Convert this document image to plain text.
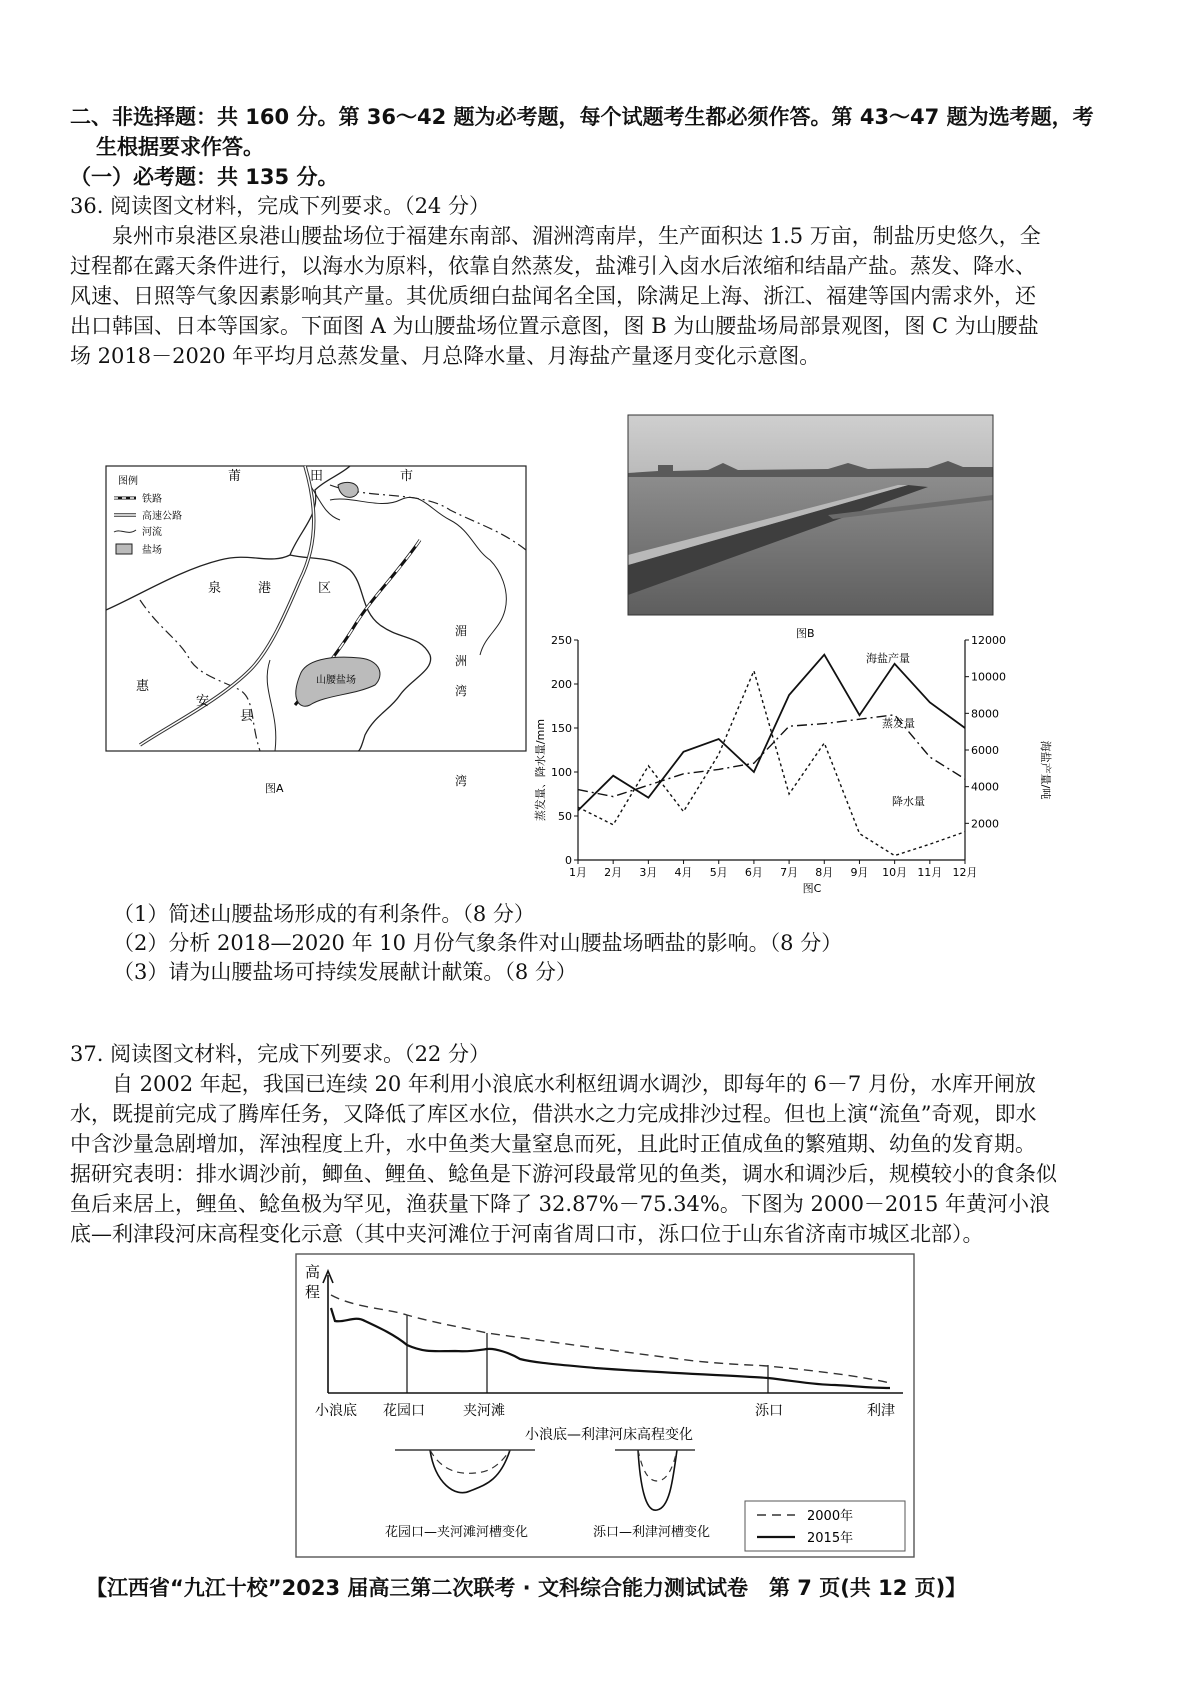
二、非选择题：共 160 分。第 36～42 题为必考题，每个试题考生都必须作答。第 43～47 题为选考题，考
生根据要求作答。
（一）必考题：共 135 分。
36. 阅读图文材料，完成下列要求。（24 分）
泉州市泉港区泉港山腰盐场位于福建东南部、湄洲湾南岸，生产面积达 1.5 万亩，制盐历史悠久，全
过程都在露天条件进行，以海水为原料，依靠自然蒸发，盐滩引入卤水后浓缩和结晶产盐。蒸发、降水、
风速、日照等气象因素影响其产量。其优质细白盐闻名全国，除满足上海、浙江、福建等国内需求外，还
出口韩国、日本等国家。下面图 A 为山腰盐场位置示意图，图 B 为山腰盐场局部景观图，图 C 为山腰盐
场 2018－2020 年平均月总蒸发量、月总降水量、月海盐产量逐月变化示意图。
图例
铁路
高速公路
河流
盐场
莆	田	市
泉	港	区
惠
安
县
山腰盐场
湄
洲
湾
湾
图A
图B
0
50
100
150
200
250
2000
4000
6000
8000
10000
12000
1月 2月 3月 4月 5月 6月 7月 8月 9月 10月 11月 12月
海盐产量
蒸发量
降水量
蒸发量、降水量/mm	海盐产量/吨
图C
（1）简述山腰盐场形成的有利条件。（8 分）
（2）分析 2018—2020 年 10 月份气象条件对山腰盐场晒盐的影响。（8 分）
（3）请为山腰盐场可持续发展献计献策。（8 分）
37. 阅读图文材料，完成下列要求。（22 分）
自 2002 年起，我国已连续 20 年利用小浪底水利枢纽调水调沙，即每年的 6－7 月份，水库开闸放
水，既提前完成了腾库任务，又降低了库区水位，借洪水之力完成排沙过程。但也上演“流鱼”奇观，即水
中含沙量急剧增加，浑浊程度上升，水中鱼类大量窒息而死，且此时正值成鱼的繁殖期、幼鱼的发育期。
据研究表明：排水调沙前，鲫鱼、鲤鱼、鲶鱼是下游河段最常见的鱼类，调水和调沙后，规模较小的食条似
鱼后来居上，鲤鱼、鲶鱼极为罕见，渔获量下降了 32.87%－75.34%。下图为 2000－2015 年黄河小浪
底—利津段河床高程变化示意（其中夹河滩位于河南省周口市，泺口位于山东省济南市城区北部）。
高
程
小浪底 花园口	夹河滩	泺口	利津
小浪底—利津河床高程变化
花园口—夹河滩河槽变化	泺口—利津河槽变化
2000年
2015年
【江西省“九江十校”2023 届高三第二次联考 · 文科综合能力测试试卷　第 7 页(共 12 页)】
